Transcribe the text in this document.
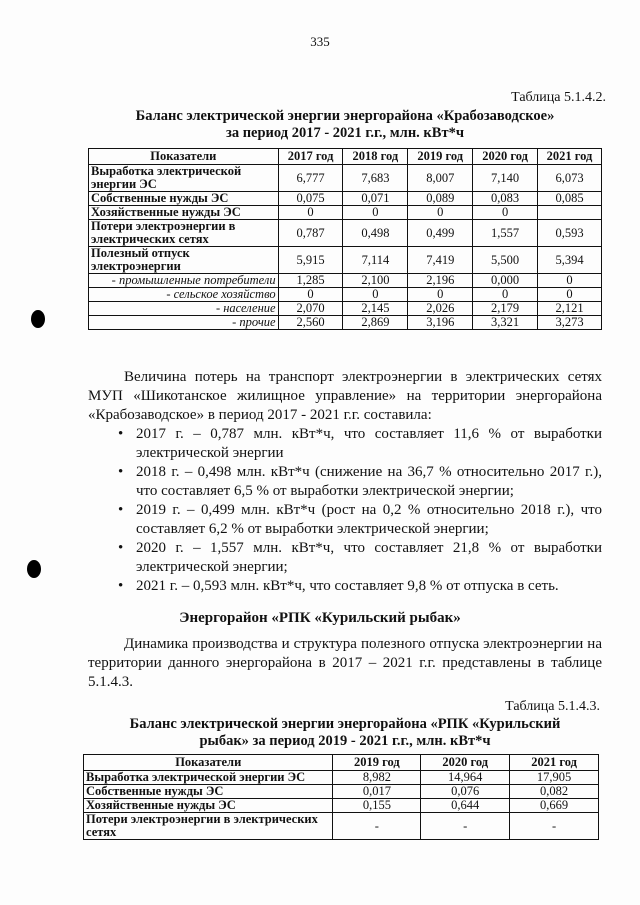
335
Таблица 5.1.4.2.
Баланс электрической энергии энергорайона «Крабозаводское»
за период 2017 - 2021 г.г., млн. кВт*ч
Показатели	2017 год	2018 год	2019 год	2020 год	2021 год
Выработка электрической энергии ЭС	6,777	7,683	8,007	7,140	6,073
Собственные нужды ЭС	0,075	0,071	0,089	0,083	0,085
Хозяйственные нужды ЭС	0	0	0	0	
Потери электроэнергии в электрических сетях	0,787	0,498	0,499	1,557	0,593
Полезный отпуск электроэнергии	5,915	7,114	7,419	5,500	5,394
- промышленные потребители	1,285	2,100	2,196	0,000	0
- сельское хозяйство	0	0	0	0	0
- население	2,070	2,145	2,026	2,179	2,121
- прочие	2,560	2,869	3,196	3,321	3,273
Величина потерь на транспорт электроэнергии в электрических сетях МУП «Шикотанское жилищное управление» на территории энергорайона «Крабозаводское» в период 2017 - 2021 г.г. составила:
• 2017 г. – 0,787 млн. кВт*ч, что составляет 11,6 % от выработки электрической энергии
• 2018 г. – 0,498 млн. кВт*ч (снижение на 36,7 % относительно 2017 г.), что составляет 6,5 % от выработки электрической энергии;
• 2019 г. – 0,499 млн. кВт*ч (рост на 0,2 % относительно 2018 г.), что составляет 6,2 % от выработки электрической энергии;
• 2020 г. – 1,557 млн. кВт*ч, что составляет 21,8 % от выработки электрической энергии;
• 2021 г. – 0,593 млн. кВт*ч, что составляет 9,8 % от отпуска в сеть.
Энергорайон «РПК «Курильский рыбак»
Динамика производства и структура полезного отпуска электроэнергии на территории данного энергорайона в 2017 – 2021 г.г. представлены в таблице 5.1.4.3.
Таблица 5.1.4.3.
Баланс электрической энергии энергорайона «РПК «Курильский
рыбак» за период 2019 - 2021 г.г., млн. кВт*ч
Показатели	2019 год	2020 год	2021 год
Выработка электрической энергии ЭС	8,982	14,964	17,905
Собственные нужды ЭС	0,017	0,076	0,082
Хозяйственные нужды ЭС	0,155	0,644	0,669
Потери электроэнергии в электрических сетях	-	-	-
